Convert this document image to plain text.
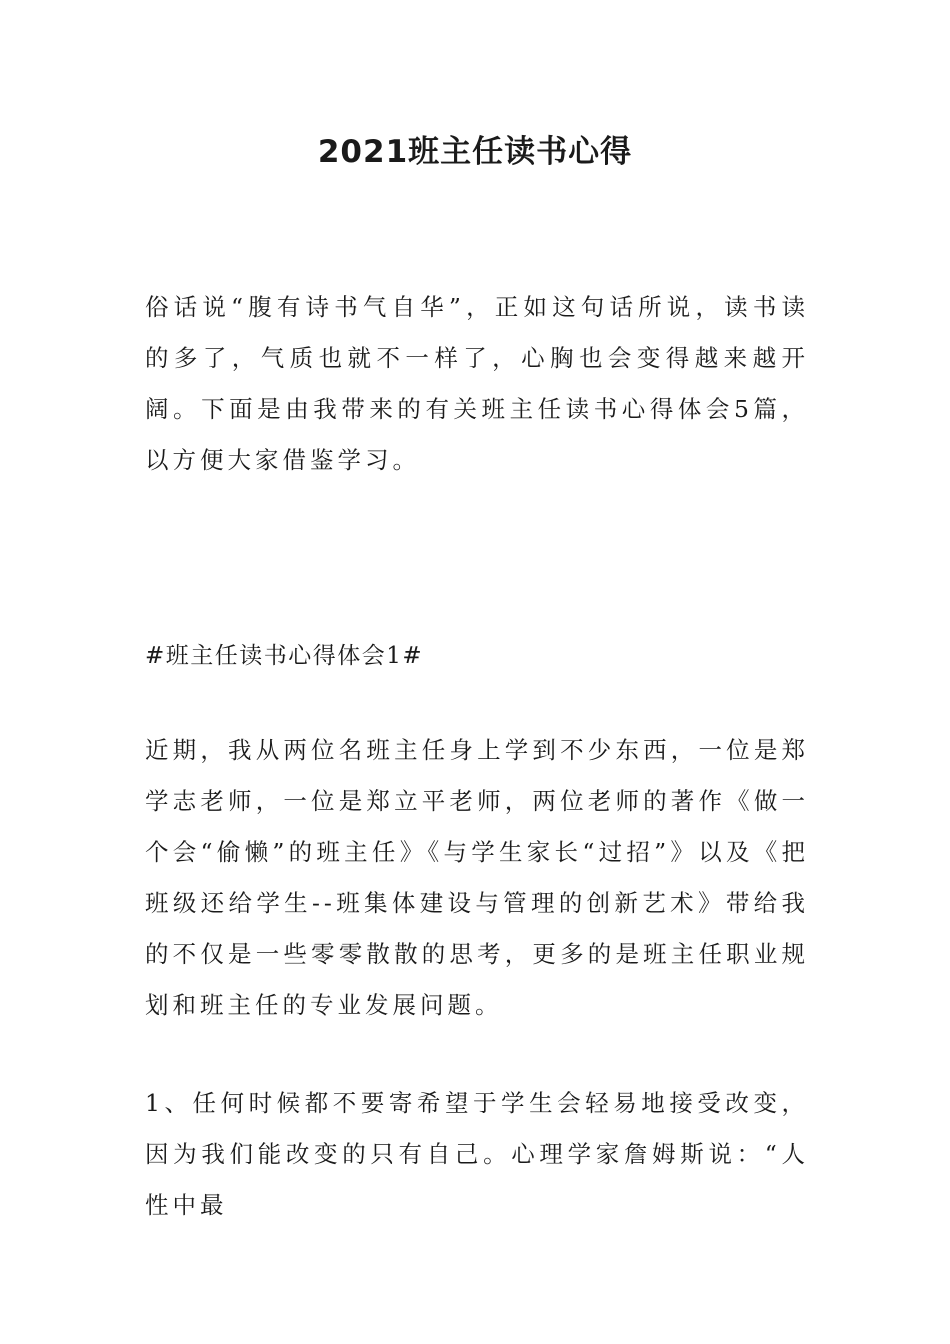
2021班主任读书心得

俗话说“腹有诗书气自华”，正如这句话所说，读书读的多了，气质也就不一样了，心胸也会变得越来越开阔。下面是由我带来的有关班主任读书心得体会5篇，以方便大家借鉴学习。

#班主任读书心得体会1#

近期，我从两位名班主任身上学到不少东西，一位是郑学志老师，一位是郑立平老师，两位老师的著作《做一个会“偷懒”的班主任》《与学生家长“过招”》以及《把班级还给学生--班集体建设与管理的创新艺术》带给我的不仅是一些零零散散的思考，更多的是班主任职业规划和班主任的专业发展问题。

1、任何时候都不要寄希望于学生会轻易地接受改变，因为我们能改变的只有自己。心理学家詹姆斯说：“人性中最
